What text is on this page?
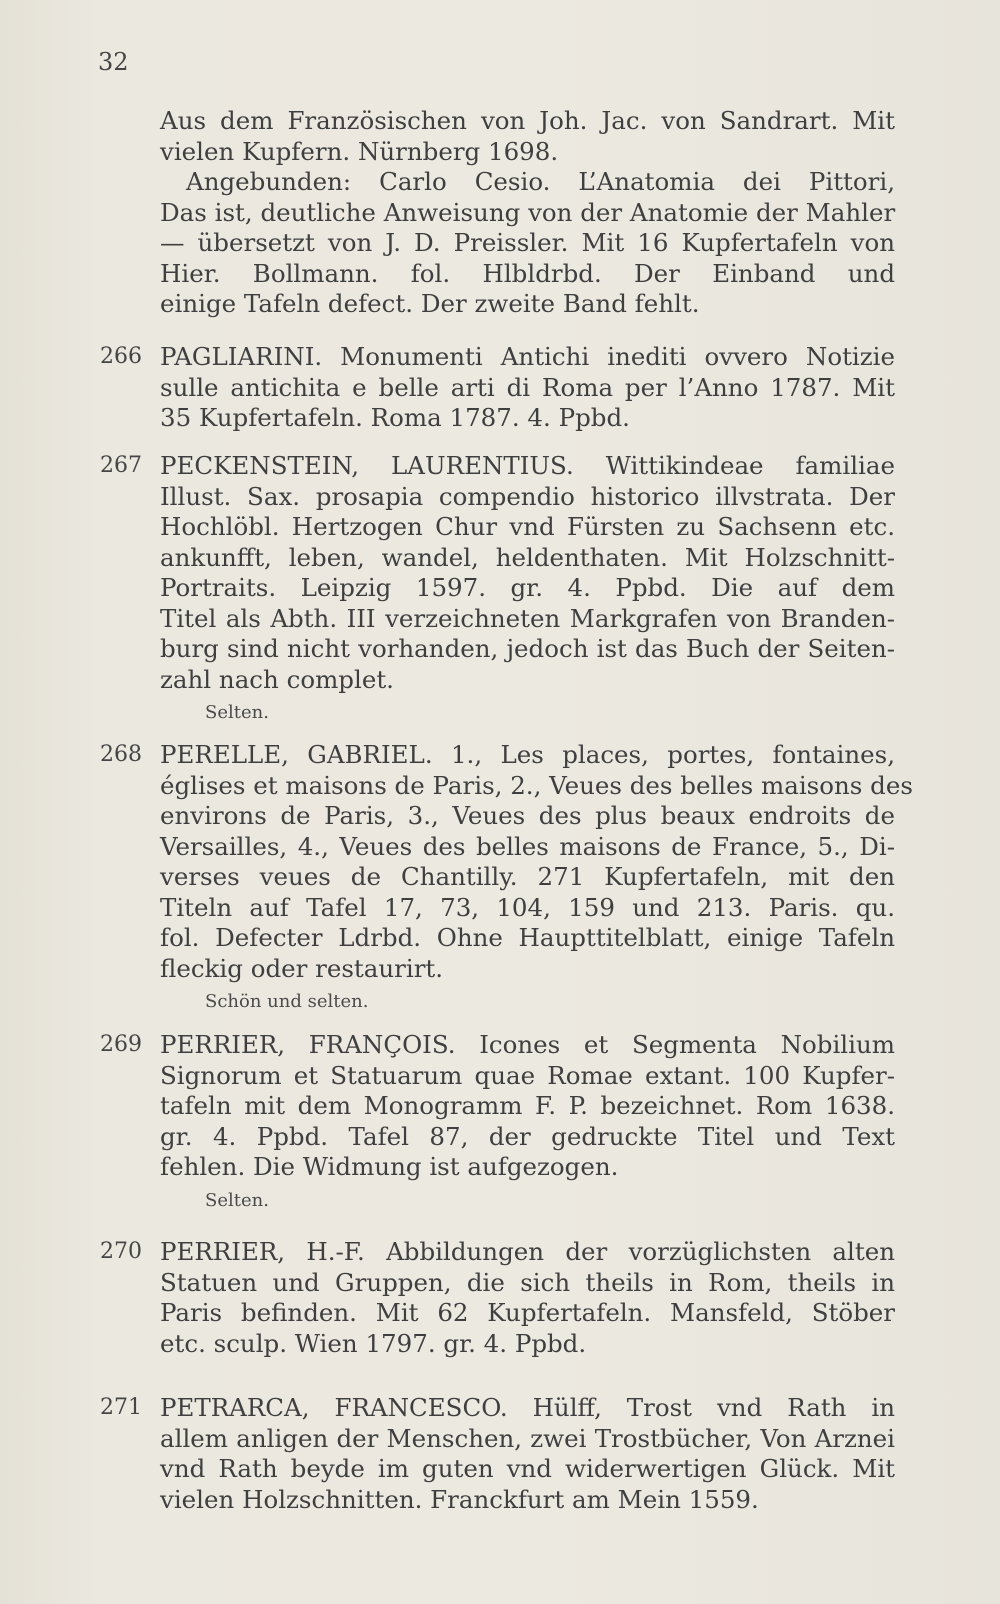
32
Aus dem Französischen von Joh. Jac. von Sandrart. Mit
vielen Kupfern. Nürnberg 1698.
Angebunden: Carlo Cesio. L’Anatomia dei Pittori,
Das ist, deutliche Anweisung von der Anatomie der Mahler
— übersetzt von J. D. Preissler. Mit 16 Kupfertafeln von
Hier. Bollmann. fol. Hlbldrbd. Der Einband und
einige Tafeln defect. Der zweite Band fehlt.
266 PAGLIARINI. Monumenti Antichi inediti ovvero Notizie
sulle antichita e belle arti di Roma per l’Anno 1787. Mit
35 Kupfertafeln. Roma 1787. 4. Ppbd.
267 PECKENSTEIN, LAURENTIUS. Wittikindeae familiae
Illust. Sax. prosapia compendio historico illvstrata. Der
Hochlöbl. Hertzogen Chur vnd Fürsten zu Sachsenn etc.
ankunfft, leben, wandel, heldenthaten. Mit Holzschnitt-
Portraits. Leipzig 1597. gr. 4. Ppbd. Die auf dem
Titel als Abth. III verzeichneten Markgrafen von Branden-
burg sind nicht vorhanden, jedoch ist das Buch der Seiten-
zahl nach complet.
Selten.
268 PERELLE, GABRIEL. 1., Les places, portes, fontaines,
églises et maisons de Paris, 2., Veues des belles maisons des
environs de Paris, 3., Veues des plus beaux endroits de
Versailles, 4., Veues des belles maisons de France, 5., Di-
verses veues de Chantilly. 271 Kupfertafeln, mit den
Titeln auf Tafel 17, 73, 104, 159 und 213. Paris. qu.
fol. Defecter Ldrbd. Ohne Haupttitelblatt, einige Tafeln
fleckig oder restaurirt.
Schön und selten.
269 PERRIER, FRANÇOIS. Icones et Segmenta Nobilium
Signorum et Statuarum quae Romae extant. 100 Kupfer-
tafeln mit dem Monogramm F. P. bezeichnet. Rom 1638.
gr. 4. Ppbd. Tafel 87, der gedruckte Titel und Text
fehlen. Die Widmung ist aufgezogen.
Selten.
270 PERRIER, H.-F. Abbildungen der vorzüglichsten alten
Statuen und Gruppen, die sich theils in Rom, theils in
Paris befinden. Mit 62 Kupfertafeln. Mansfeld, Stöber
etc. sculp. Wien 1797. gr. 4. Ppbd.
271 PETRARCA, FRANCESCO. Hülff, Trost vnd Rath in
allem anligen der Menschen, zwei Trostbücher, Von Arznei
vnd Rath beyde im guten vnd widerwertigen Glück. Mit
vielen Holzschnitten. Franckfurt am Mein 1559.
